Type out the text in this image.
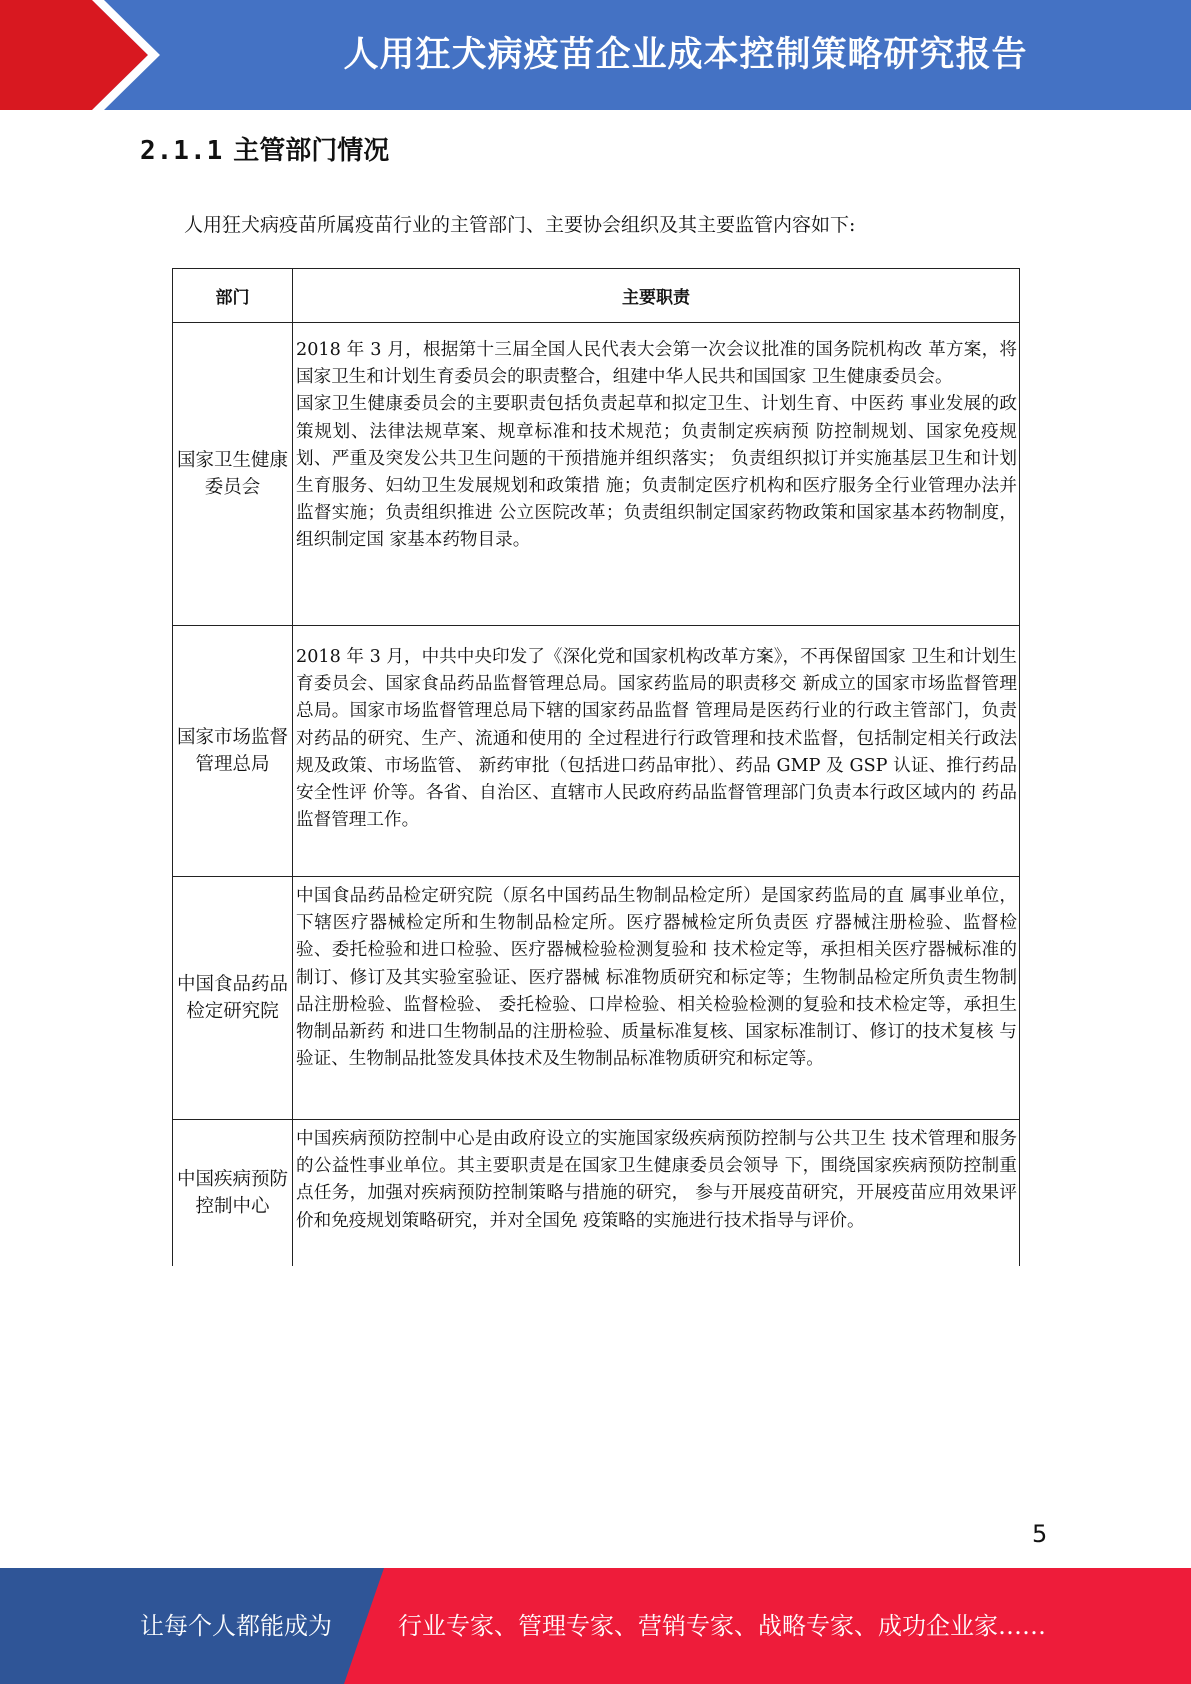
人用狂犬病疫苗企业成本控制策略研究报告
2.1.1 主管部门情况
人用狂犬病疫苗所属疫苗行业的主管部门、主要协会组织及其主要监管内容如下:
部门	主要职责
国家卫生健康委员会	2018 年 3 月，根据第十三届全国人民代表大会第一次会议批准的国务院机构改 革方案，将国家卫生和计划生育委员会的职责整合，组建中华人民共和国国家 卫生健康委员会。

国家卫生健康委员会的主要职责包括负责起草和拟定卫生、计划生育、中医药 事业发展的政策规划、法律法规草案、规章标准和技术规范；负责制定疾病预 防控制规划、国家免疫规划、严重及突发公共卫生问题的干预措施并组织落实； 负责组织拟订并实施基层卫生和计划生育服务、妇幼卫生发展规划和政策措 施；负责制定医疗机构和医疗服务全行业管理办法并监督实施；负责组织推进 公立医院改革；负责组织制定国家药物政策和国家基本药物制度，组织制定国 家基本药物目录。

国家市场监督管理总局	2018 年 3 月，中共中央印发了《深化党和国家机构改革方案》，不再保留国家 卫生和计划生育委员会、国家食品药品监督管理总局。国家药监局的职责移交 新成立的国家市场监督管理总局。国家市场监督管理总局下辖的国家药品监督 管理局是医药行业的行政主管部门，负责对药品的研究、生产、流通和使用的 全过程进行行政管理和技术监督，包括制定相关行政法规及政策、市场监管、 新药审批（包括进口药品审批）、药品 GMP 及 GSP 认证、推行药品安全性评 价等。各省、自治区、直辖市人民政府药品监督管理部门负责本行政区域内的 药品监督管理工作。

中国食品药品检定研究院	中国食品药品检定研究院（原名中国药品生物制品检定所）是国家药监局的直 属事业单位，下辖医疗器械检定所和生物制品检定所。医疗器械检定所负责医 疗器械注册检验、监督检验、委托检验和进口检验、医疗器械检验检测复验和 技术检定等，承担相关医疗器械标准的制订、修订及其实验室验证、医疗器械 标准物质研究和标定等；生物制品检定所负责生物制品注册检验、监督检验、 委托检验、口岸检验、相关检验检测的复验和技术检定等，承担生物制品新药 和进口生物制品的注册检验、质量标准复核、国家标准制订、修订的技术复核 与验证、生物制品批签发具体技术及生物制品标准物质研究和标定等。

中国疾病预防控制中心	中国疾病预防控制中心是由政府设立的实施国家级疾病预防控制与公共卫生 技术管理和服务的公益性事业单位。其主要职责是在国家卫生健康委员会领导 下，围绕国家疾病预防控制重点任务，加强对疾病预防控制策略与措施的研究， 参与开展疫苗研究，开展疫苗应用效果评价和免疫规划策略研究，并对全国免 疫策略的实施进行技术指导与评价。

5
让每个人都能成为	行业专家、管理专家、营销专家、战略专家、成功企业家……
